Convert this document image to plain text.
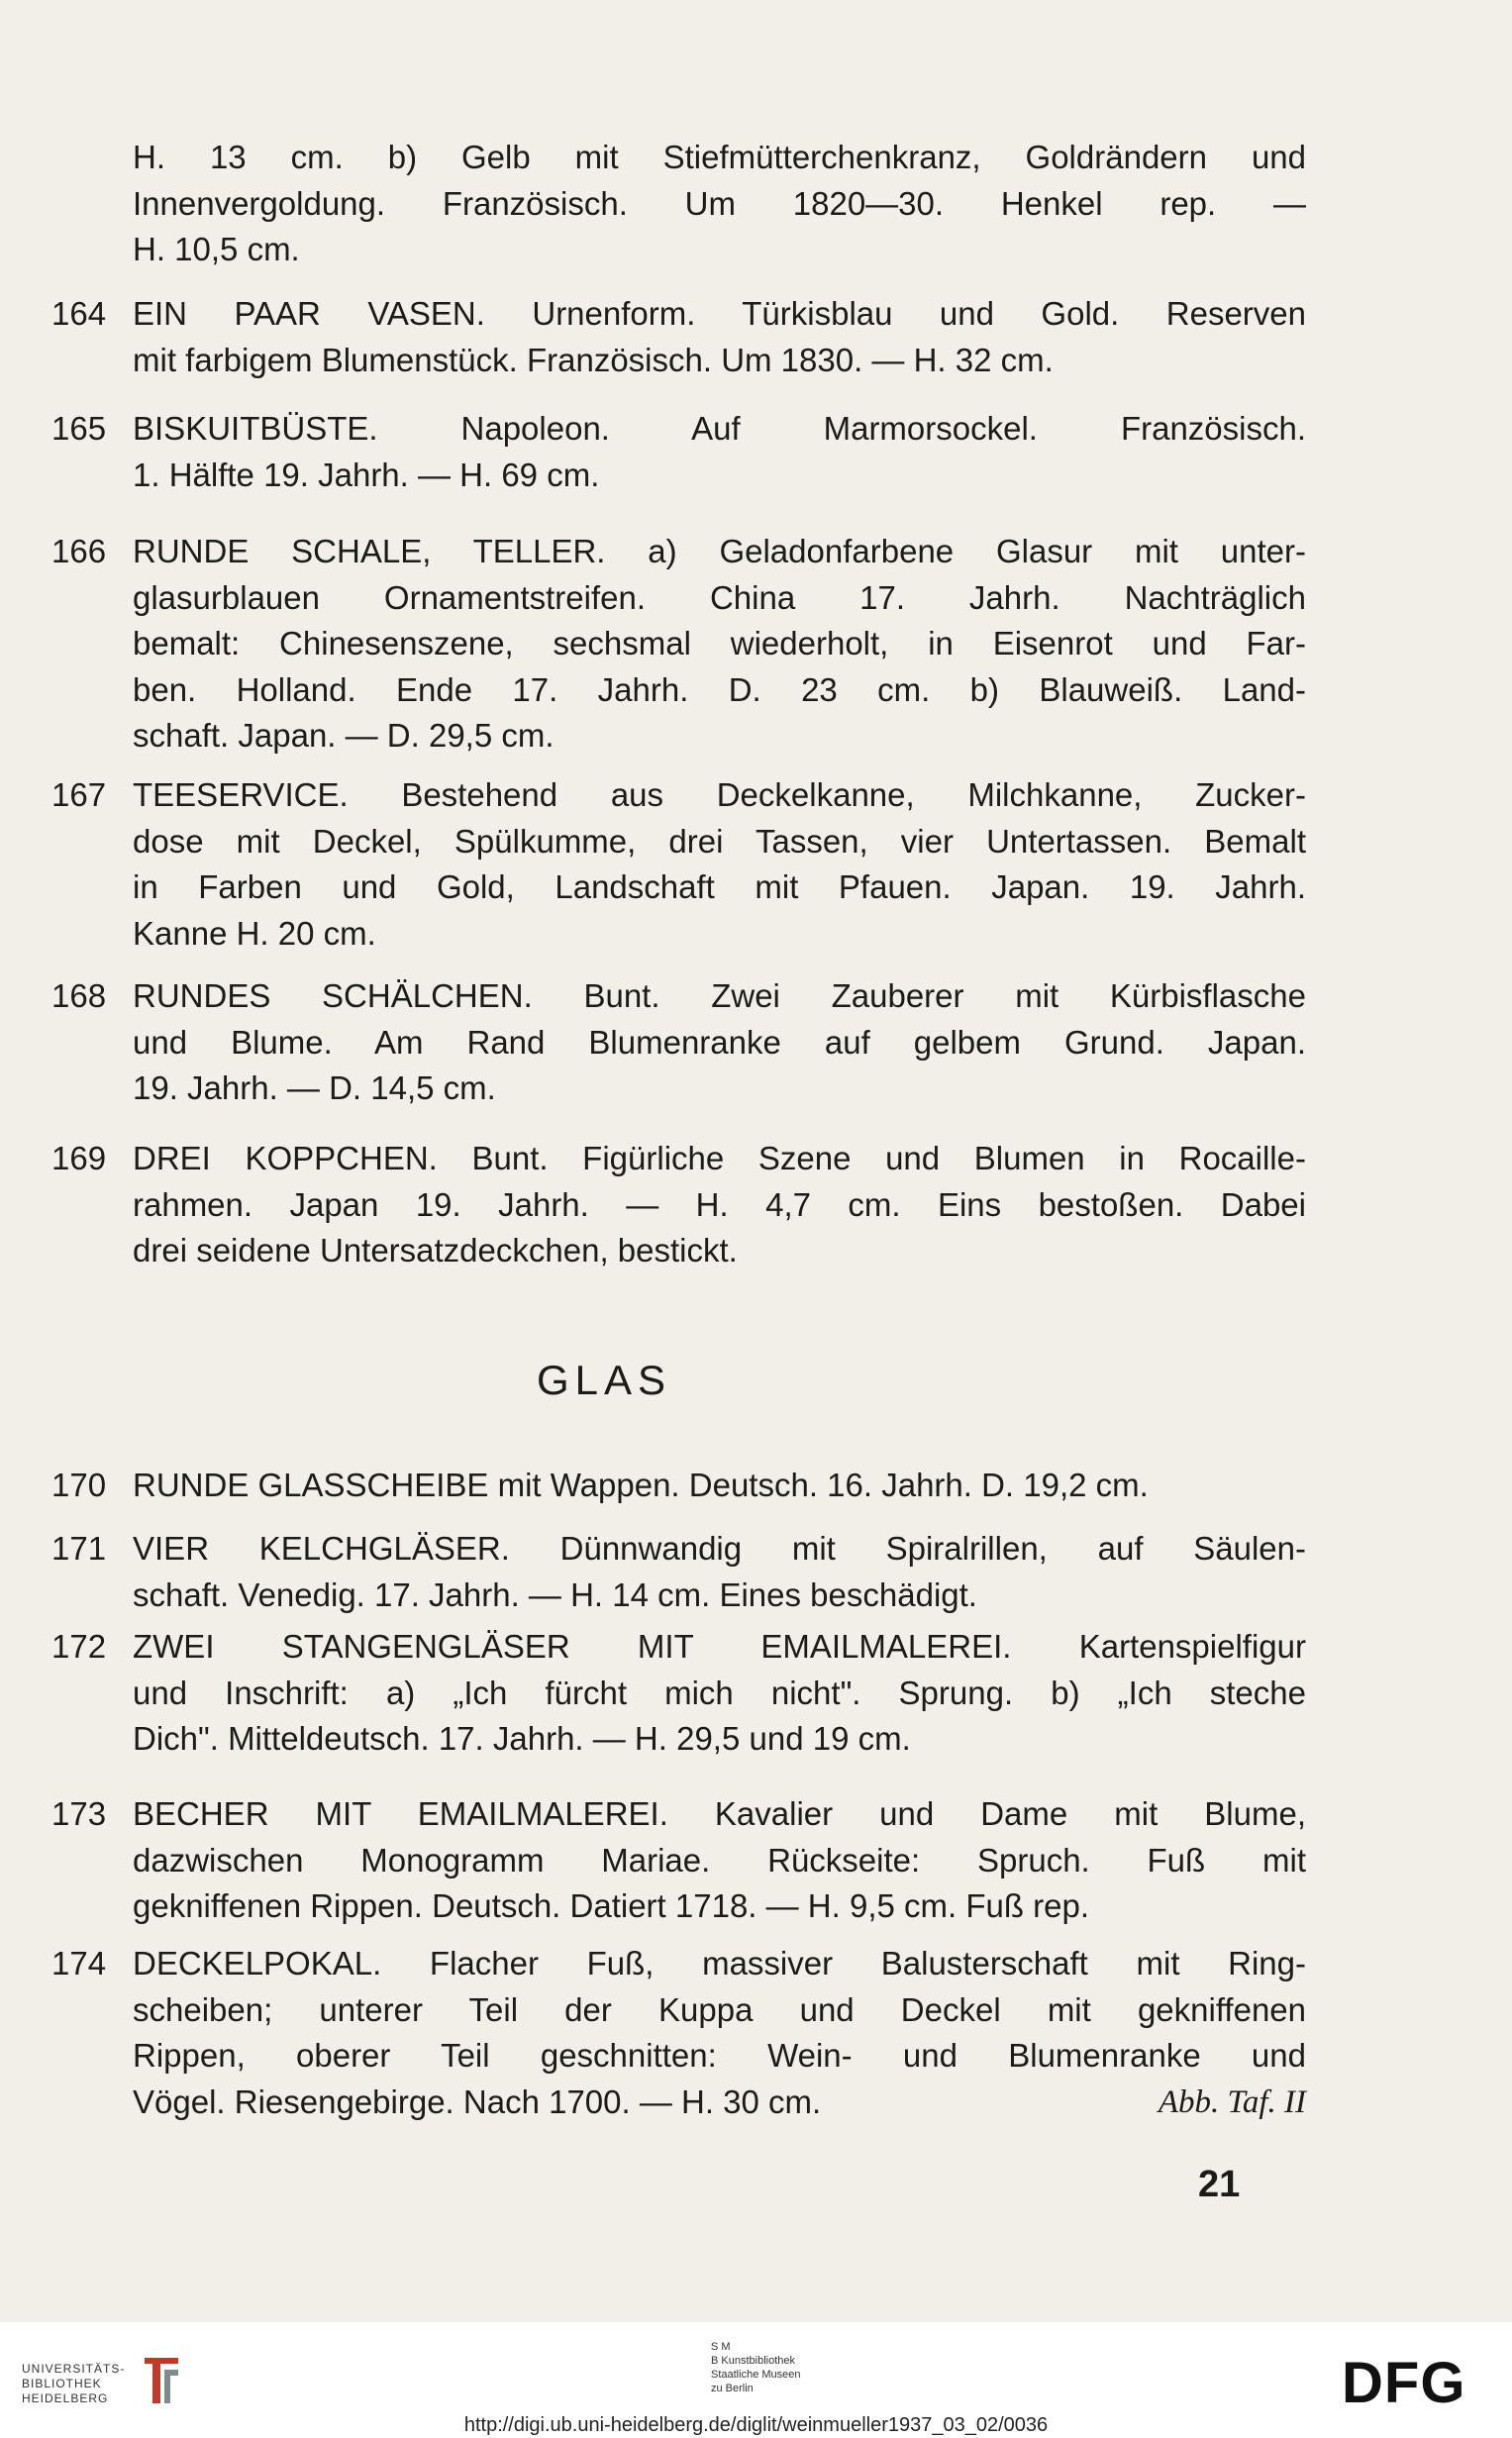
H. 13 cm. b) Gelb mit Stiefmütterchenkranz, Goldrändern und
Innenvergoldung. Französisch. Um 1820—30. Henkel rep. —
H. 10,5 cm.
164 EIN PAAR VASEN. Urnenform. Türkisblau und Gold. Reserven
mit farbigem Blumenstück. Französisch. Um 1830. — H. 32 cm.
165 BISKUITBÜSTE. Napoleon. Auf Marmorsockel. Französisch.
1. Hälfte 19. Jahrh. — H. 69 cm.
166 RUNDE SCHALE, TELLER. a) Geladonfarbene Glasur mit unter-
glasurblauen Ornamentstreifen. China 17. Jahrh. Nachträglich
bemalt: Chinesenszene, sechsmal wiederholt, in Eisenrot und Far-
ben. Holland. Ende 17. Jahrh. D. 23 cm. b) Blauweiß. Land-
schaft. Japan. — D. 29,5 cm.
167 TEESERVICE. Bestehend aus Deckelkanne, Milchkanne, Zucker-
dose mit Deckel, Spülkumme, drei Tassen, vier Untertassen. Bemalt
in Farben und Gold, Landschaft mit Pfauen. Japan. 19. Jahrh.
Kanne H. 20 cm.
168 RUNDES SCHÄLCHEN. Bunt. Zwei Zauberer mit Kürbisflasche
und Blume. Am Rand Blumenranke auf gelbem Grund. Japan.
19. Jahrh. — D. 14,5 cm.
169 DREI KOPPCHEN. Bunt. Figürliche Szene und Blumen in Rocaille-
rahmen. Japan 19. Jahrh. — H. 4,7 cm. Eins bestoßen. Dabei
drei seidene Untersatzdeckchen, bestickt.
170 RUNDE GLASSCHEIBE mit Wappen. Deutsch. 16. Jahrh. D. 19,2 cm.
171 VIER KELCHGLÄSER. Dünnwandig mit Spiralrillen, auf Säulen-
schaft. Venedig. 17. Jahrh. — H. 14 cm. Eines beschädigt.
172 ZWEI STANGENGLÄSER MIT EMAILMALEREI. Kartenspielfigur
und Inschrift: a) „Ich fürcht mich nicht". Sprung. b) „Ich steche
Dich". Mitteldeutsch. 17. Jahrh. — H. 29,5 und 19 cm.
173 BECHER MIT EMAILMALEREI. Kavalier und Dame mit Blume,
dazwischen Monogramm Mariae. Rückseite: Spruch. Fuß mit
gekniffenen Rippen. Deutsch. Datiert 1718. — H. 9,5 cm. Fuß rep.
174 DECKELPOKAL. Flacher Fuß, massiver Balusterschaft mit Ring-
scheiben; unterer Teil der Kuppa und Deckel mit gekniffenen
Rippen, oberer Teil geschnitten: Wein- und Blumenranke und
Abb. Taf. II
Vögel. Riesengebirge. Nach 1700. — H. 30 cm.
GLAS
21
UNIVERSITÄTS-
BIBLIOTHEK
HEIDELBERG
S M
B Kunstbibliothek
Staatliche Museen
zu Berlin	DFG
http://digi.ub.uni-heidelberg.de/diglit/weinmueller1937_03_02/0036
